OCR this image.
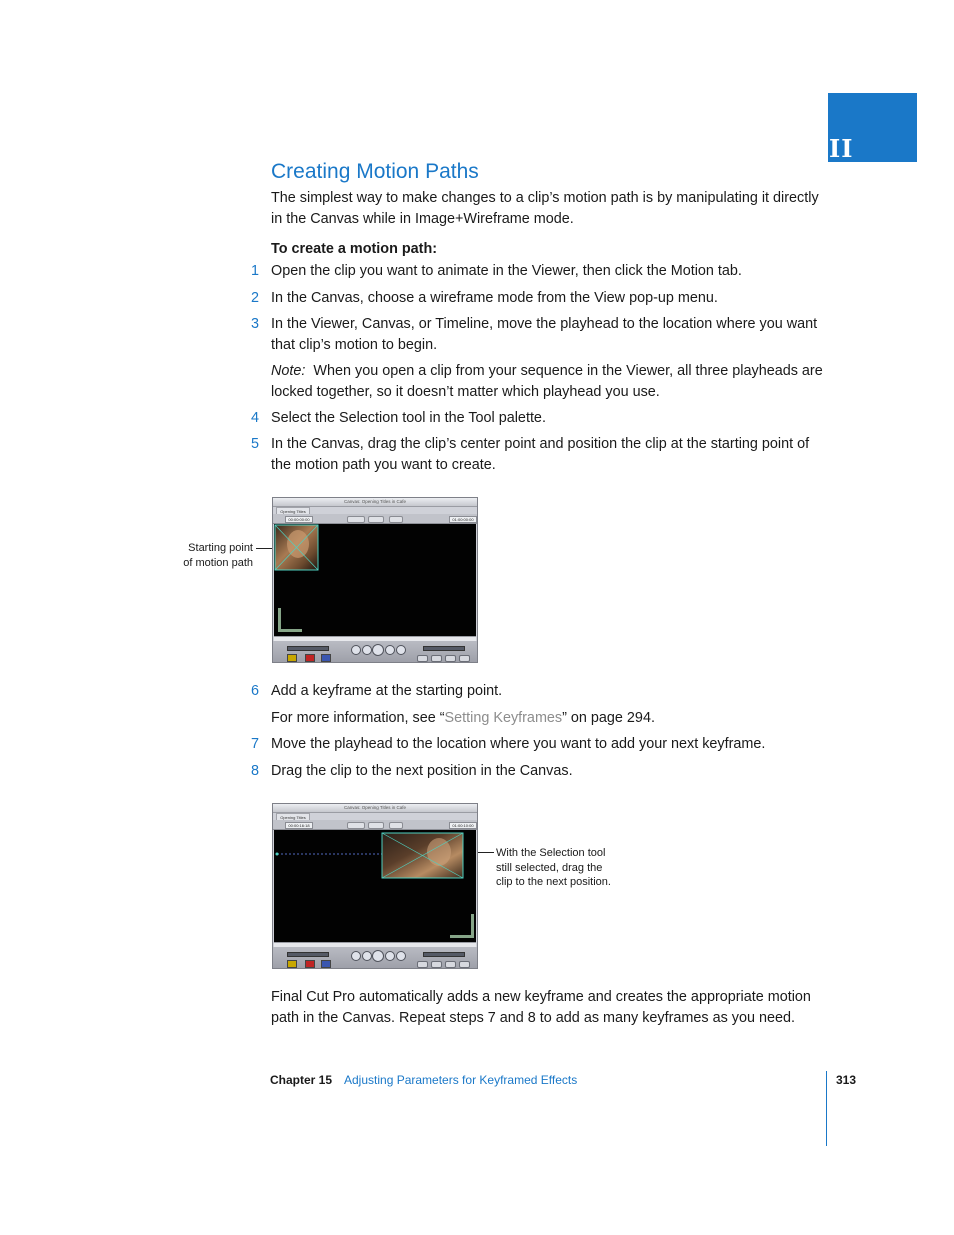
II
Creating Motion Paths

The simplest way to make changes to a clip’s motion path is by manipulating it directly in the Canvas while in Image+Wireframe mode.

To create a motion path:
1 Open the clip you want to animate in the Viewer, then click the Motion tab.

2 In the Canvas, choose a wireframe mode from the View pop-up menu.

3 In the Viewer, Canvas, or Timeline, move the playhead to the location where you want that clip’s motion to begin.

Note: When you open a clip from your sequence in the Viewer, all three playheads are locked together, so it doesn’t matter which playhead you use.

4 Select the Selection tool in the Tool palette.

5 In the Canvas, drag the clip’s center point and position the clip at the starting point of the motion path you want to create.

Starting point
of motion path
Canvas: Opening Titles in Cafe
Opening Titles
00:00:00:00	01:00:00:00
6 Add a keyframe at the starting point.

For more information, see “Setting Keyframes” on page 294.

7 Move the playhead to the location where you want to add your next keyframe.

8 Drag the clip to the next position in the Canvas.

Canvas: Opening Titles in Cafe
Opening Titles
00:00:16:18	01:00:10:00
With the Selection tool
still selected, drag the
clip to the next position.

Final Cut Pro automatically adds a new keyframe and creates the appropriate motion path in the Canvas. Repeat steps 7 and 8 to add as many keyframes as you need.

Chapter 15 Adjusting Parameters for Keyframed Effects	313
